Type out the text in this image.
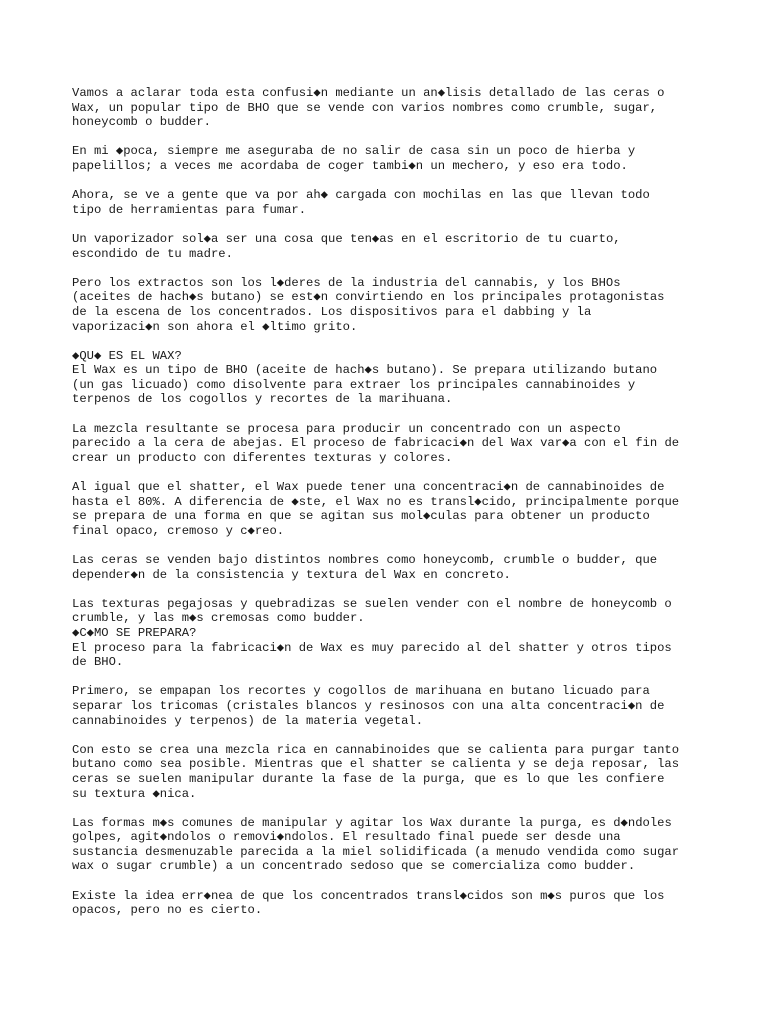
Vamos a aclarar toda esta confusi◆n mediante un an◆lisis detallado de las ceras o
Wax, un popular tipo de BHO que se vende con varios nombres como crumble, sugar,
honeycomb o budder.

En mi ◆poca, siempre me aseguraba de no salir de casa sin un poco de hierba y
papelillos; a veces me acordaba de coger tambi◆n un mechero, y eso era todo.

Ahora, se ve a gente que va por ah◆ cargada con mochilas en las que llevan todo
tipo de herramientas para fumar.

Un vaporizador sol◆a ser una cosa que ten◆as en el escritorio de tu cuarto,
escondido de tu madre.

Pero los extractos son los l◆deres de la industria del cannabis, y los BHOs
(aceites de hach◆s butano) se est◆n convirtiendo en los principales protagonistas
de la escena de los concentrados. Los dispositivos para el dabbing y la
vaporizaci◆n son ahora el ◆ltimo grito.

◆QU◆ ES EL WAX?
El Wax es un tipo de BHO (aceite de hach◆s butano). Se prepara utilizando butano
(un gas licuado) como disolvente para extraer los principales cannabinoides y
terpenos de los cogollos y recortes de la marihuana.

La mezcla resultante se procesa para producir un concentrado con un aspecto
parecido a la cera de abejas. El proceso de fabricaci◆n del Wax var◆a con el fin de
crear un producto con diferentes texturas y colores.

Al igual que el shatter, el Wax puede tener una concentraci◆n de cannabinoides de
hasta el 80%. A diferencia de ◆ste, el Wax no es transl◆cido, principalmente porque
se prepara de una forma en que se agitan sus mol◆culas para obtener un producto
final opaco, cremoso y c◆reo.

Las ceras se venden bajo distintos nombres como honeycomb, crumble o budder, que
depender◆n de la consistencia y textura del Wax en concreto.

Las texturas pegajosas y quebradizas se suelen vender con el nombre de honeycomb o
crumble, y las m◆s cremosas como budder.
◆C◆MO SE PREPARA?
El proceso para la fabricaci◆n de Wax es muy parecido al del shatter y otros tipos
de BHO.

Primero, se empapan los recortes y cogollos de marihuana en butano licuado para
separar los tricomas (cristales blancos y resinosos con una alta concentraci◆n de
cannabinoides y terpenos) de la materia vegetal.

Con esto se crea una mezcla rica en cannabinoides que se calienta para purgar tanto
butano como sea posible. Mientras que el shatter se calienta y se deja reposar, las
ceras se suelen manipular durante la fase de la purga, que es lo que les confiere
su textura ◆nica.

Las formas m◆s comunes de manipular y agitar los Wax durante la purga, es d◆ndoles
golpes, agit◆ndolos o removi◆ndolos. El resultado final puede ser desde una
sustancia desmenuzable parecida a la miel solidificada (a menudo vendida como sugar
wax o sugar crumble) a un concentrado sedoso que se comercializa como budder.

Existe la idea err◆nea de que los concentrados transl◆cidos son m◆s puros que los
opacos, pero no es cierto.
